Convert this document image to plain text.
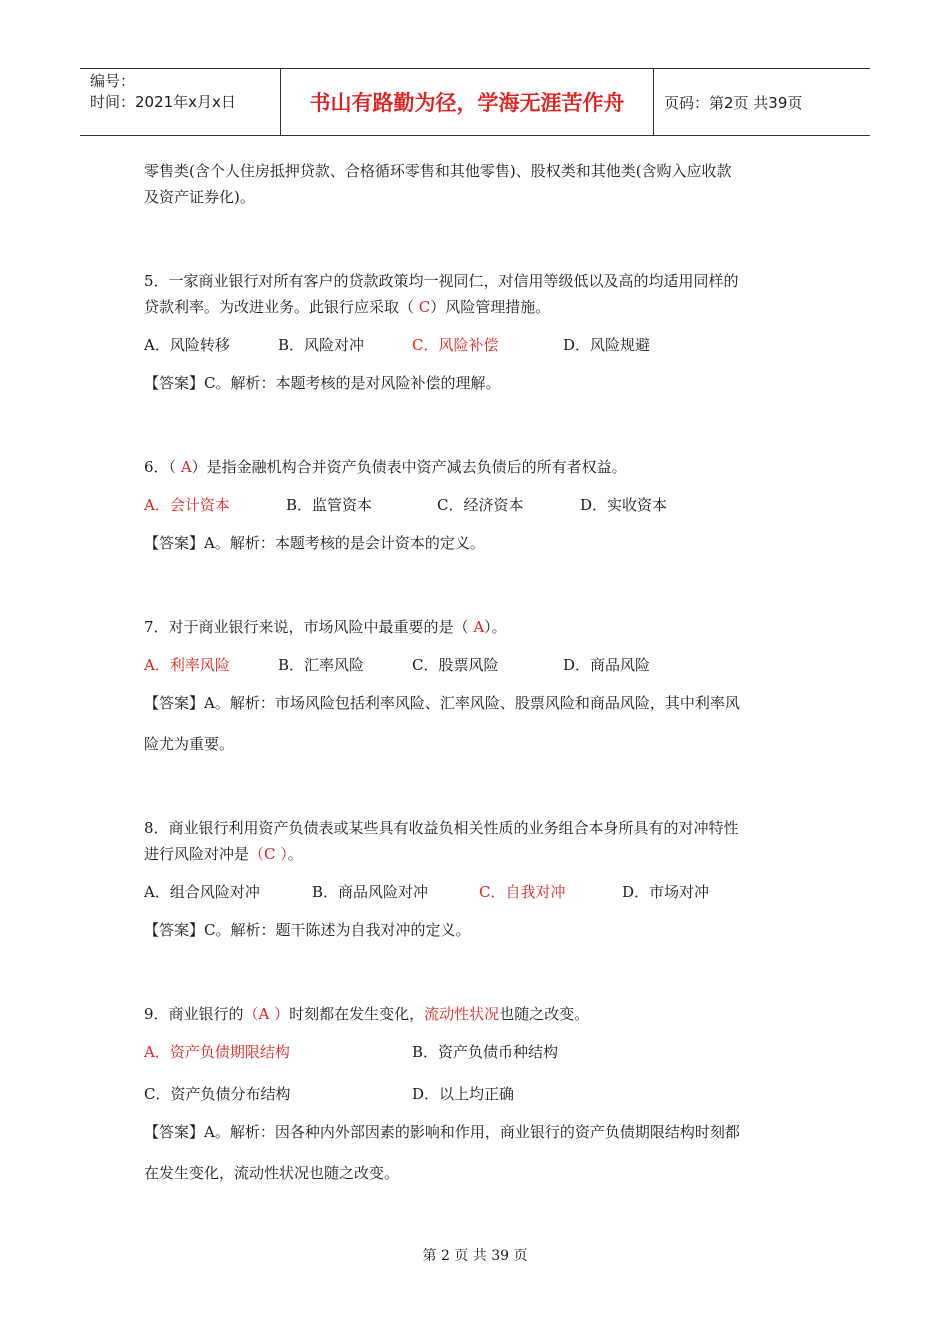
编号：
时间：2021年x月x日	书山有路勤为径，学海无涯苦作舟	页码：第2页 共39页

零售类(含个人住房抵押贷款、合格循环零售和其他零售)、股权类和其他类(含购入应收款

及资产证券化)。

5．一家商业银行对所有客户的贷款政策均一视同仁，对信用等级低以及高的均适用同样的

贷款利率。为改进业务。此银行应采取（ C）风险管理措施。

A．风险转移	B．风险对冲	C．风险补偿	D．风险规避

【答案】C。解析：本题考核的是对风险补偿的理解。

6．（ A）是指金融机构合并资产负债表中资产减去负债后的所有者权益。

A．会计资本	B．监管资本	C．经济资本	D．实收资本

【答案】A。解析：本题考核的是会计资本的定义。

7．对于商业银行来说，市场风险中最重要的是（ A）。

A．利率风险	B．汇率风险	C．股票风险	D．商品风险

【答案】A。解析：市场风险包括利率风险、汇率风险、股票风险和商品风险，其中利率风

险尤为重要。

8．商业银行利用资产负债表或某些具有收益负相关性质的业务组合本身所具有的对冲特性

进行风险对冲是（C ）。

A．组合风险对冲	B．商品风险对冲	C．自我对冲	D．市场对冲

【答案】C。解析：题干陈述为自我对冲的定义。

9．商业银行的（A ）时刻都在发生变化，流动性状况也随之改变。

A．资产负债期限结构	B．资产负债币种结构
C．资产负债分布结构	D．以上均正确

【答案】A。解析：因各种内外部因素的影响和作用，商业银行的资产负债期限结构时刻都

在发生变化，流动性状况也随之改变。

第 2 页 共 39 页
